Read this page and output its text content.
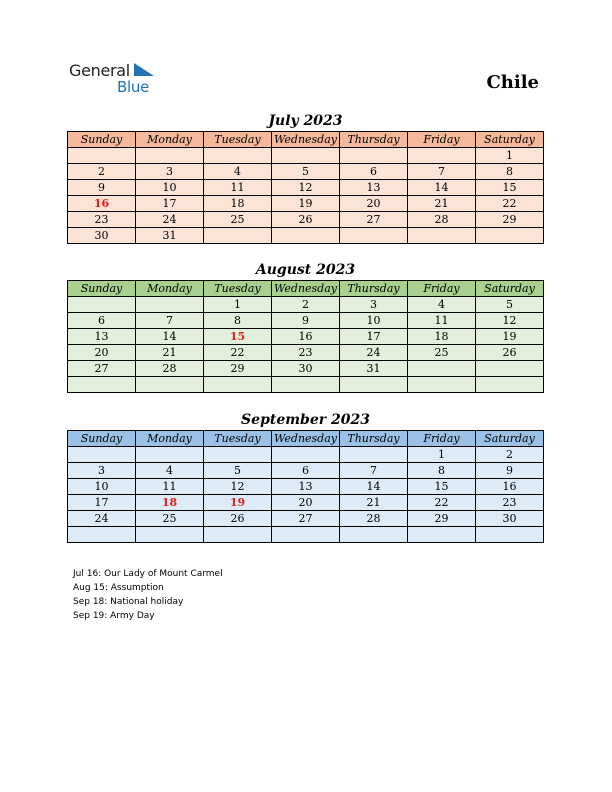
General
Blue	Chile
July 2023
Sunday	Monday	Tuesday	Wednesday	Thursday	Friday	Saturday
						1
2	3	4	5	6	7	8
9	10	11	12	13	14	15
16	17	18	19	20	21	22
23	24	25	26	27	28	29
30	31					
August 2023
Sunday	Monday	Tuesday	Wednesday	Thursday	Friday	Saturday
		1	2	3	4	5
6	7	8	9	10	11	12
13	14	15	16	17	18	19
20	21	22	23	24	25	26
27	28	29	30	31		

September 2023
Sunday	Monday	Tuesday	Wednesday	Thursday	Friday	Saturday
					1	2
3	4	5	6	7	8	9
10	11	12	13	14	15	16
17	18	19	20	21	22	23
24	25	26	27	28	29	30

Jul 16: Our Lady of Mount Carmel
Aug 15: Assumption
Sep 18: National holiday
Sep 19: Army Day
